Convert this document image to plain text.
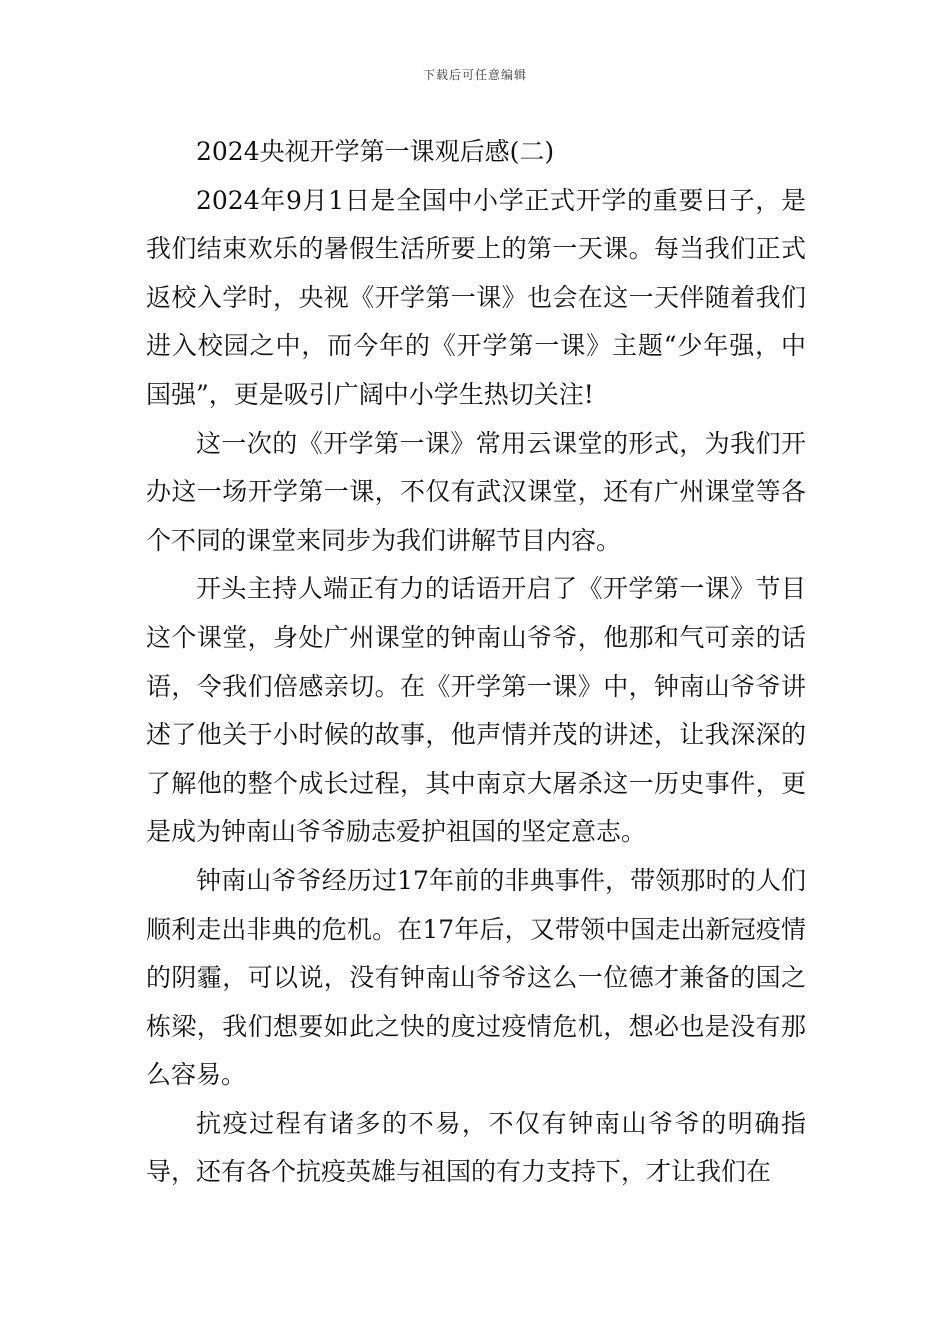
下载后可任意编辑

2024央视开学第一课观后感(二)

2024年9月1日是全国中小学正式开学的重要日子，是我们结束欢乐的暑假生活所要上的第一天课。每当我们正式返校入学时，央视《开学第一课》也会在这一天伴随着我们进入校园之中，而今年的《开学第一课》主题“少年强，中国强”，更是吸引广阔中小学生热切关注!

这一次的《开学第一课》常用云课堂的形式，为我们开办这一场开学第一课，不仅有武汉课堂，还有广州课堂等各个不同的课堂来同步为我们讲解节目内容。

开头主持人端正有力的话语开启了《开学第一课》节目这个课堂，身处广州课堂的钟南山爷爷，他那和气可亲的话语，令我们倍感亲切。在《开学第一课》中，钟南山爷爷讲述了他关于小时候的故事，他声情并茂的讲述，让我深深的了解他的整个成长过程，其中南京大屠杀这一历史事件，更是成为钟南山爷爷励志爱护祖国的坚定意志。

钟南山爷爷经历过17年前的非典事件，带领那时的人们顺利走出非典的危机。在17年后，又带领中国走出新冠疫情的阴霾，可以说，没有钟南山爷爷这么一位德才兼备的国之栋梁，我们想要如此之快的度过疫情危机，想必也是没有那么容易。

抗疫过程有诸多的不易，不仅有钟南山爷爷的明确指导，还有各个抗疫英雄与祖国的有力支持下，才让我们在
